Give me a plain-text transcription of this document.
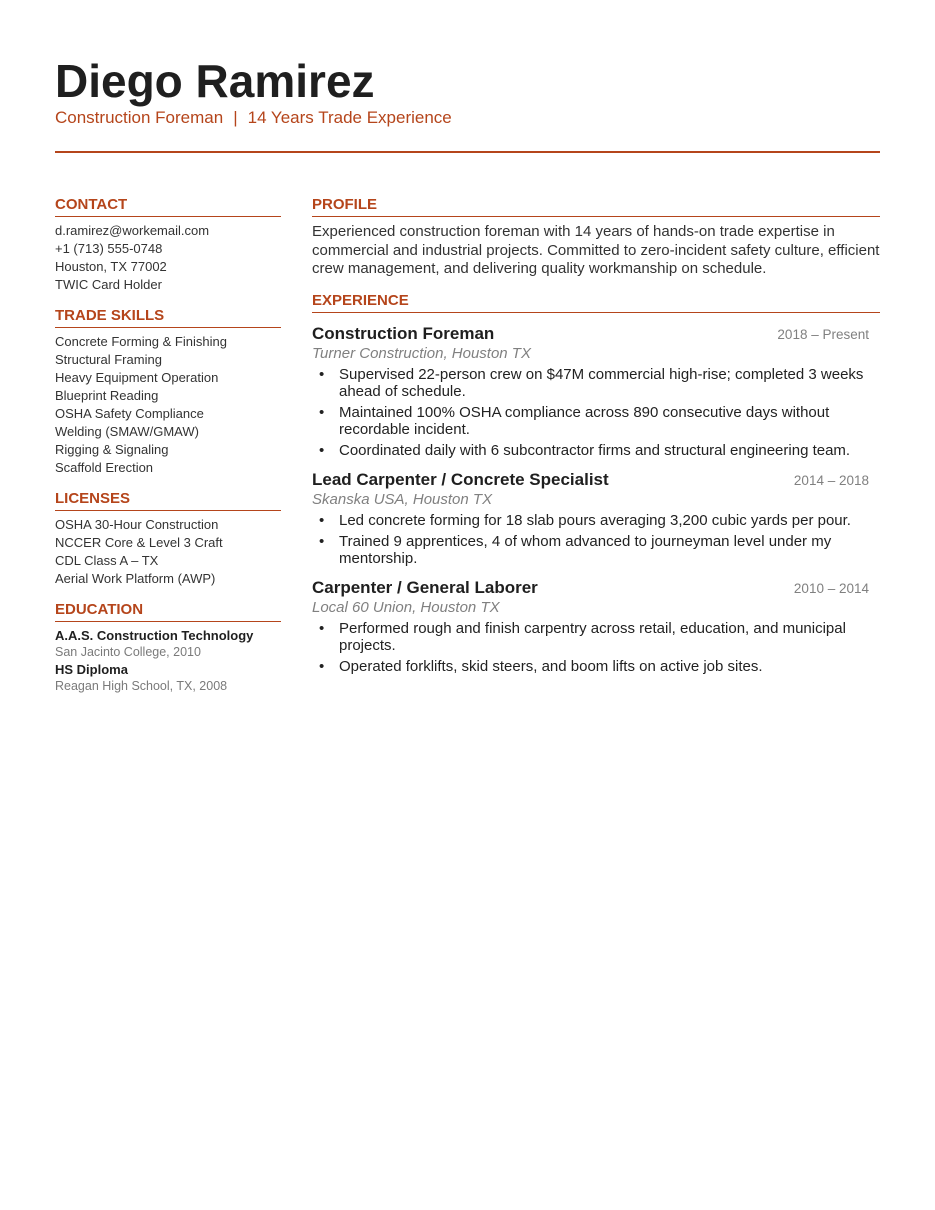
Diego Ramirez
Construction Foreman | 14 Years Trade Experience
CONTACT
d.ramirez@workemail.com
+1 (713) 555-0748
Houston, TX 77002
TWIC Card Holder
TRADE SKILLS
Concrete Forming & Finishing
Structural Framing
Heavy Equipment Operation
Blueprint Reading
OSHA Safety Compliance
Welding (SMAW/GMAW)
Rigging & Signaling
Scaffold Erection
LICENSES
OSHA 30-Hour Construction
NCCER Core & Level 3 Craft
CDL Class A – TX
Aerial Work Platform (AWP)
EDUCATION
A.A.S. Construction Technology
San Jacinto College, 2010
HS Diploma
Reagan High School, TX, 2008
PROFILE
Experienced construction foreman with 14 years of hands-on trade expertise in commercial and industrial projects. Committed to zero-incident safety culture, efficient crew management, and delivering quality workmanship on schedule.
EXPERIENCE
Construction Foreman	2018 – Present
Turner Construction, Houston TX
• Supervised 22-person crew on $47M commercial high-rise; completed 3 weeks ahead of schedule.
• Maintained 100% OSHA compliance across 890 consecutive days without recordable incident.
• Coordinated daily with 6 subcontractor firms and structural engineering team.
Lead Carpenter / Concrete Specialist	2014 – 2018
Skanska USA, Houston TX
• Led concrete forming for 18 slab pours averaging 3,200 cubic yards per pour.
• Trained 9 apprentices, 4 of whom advanced to journeyman level under my mentorship.
Carpenter / General Laborer	2010 – 2014
Local 60 Union, Houston TX
• Performed rough and finish carpentry across retail, education, and municipal projects.
• Operated forklifts, skid steers, and boom lifts on active job sites.
